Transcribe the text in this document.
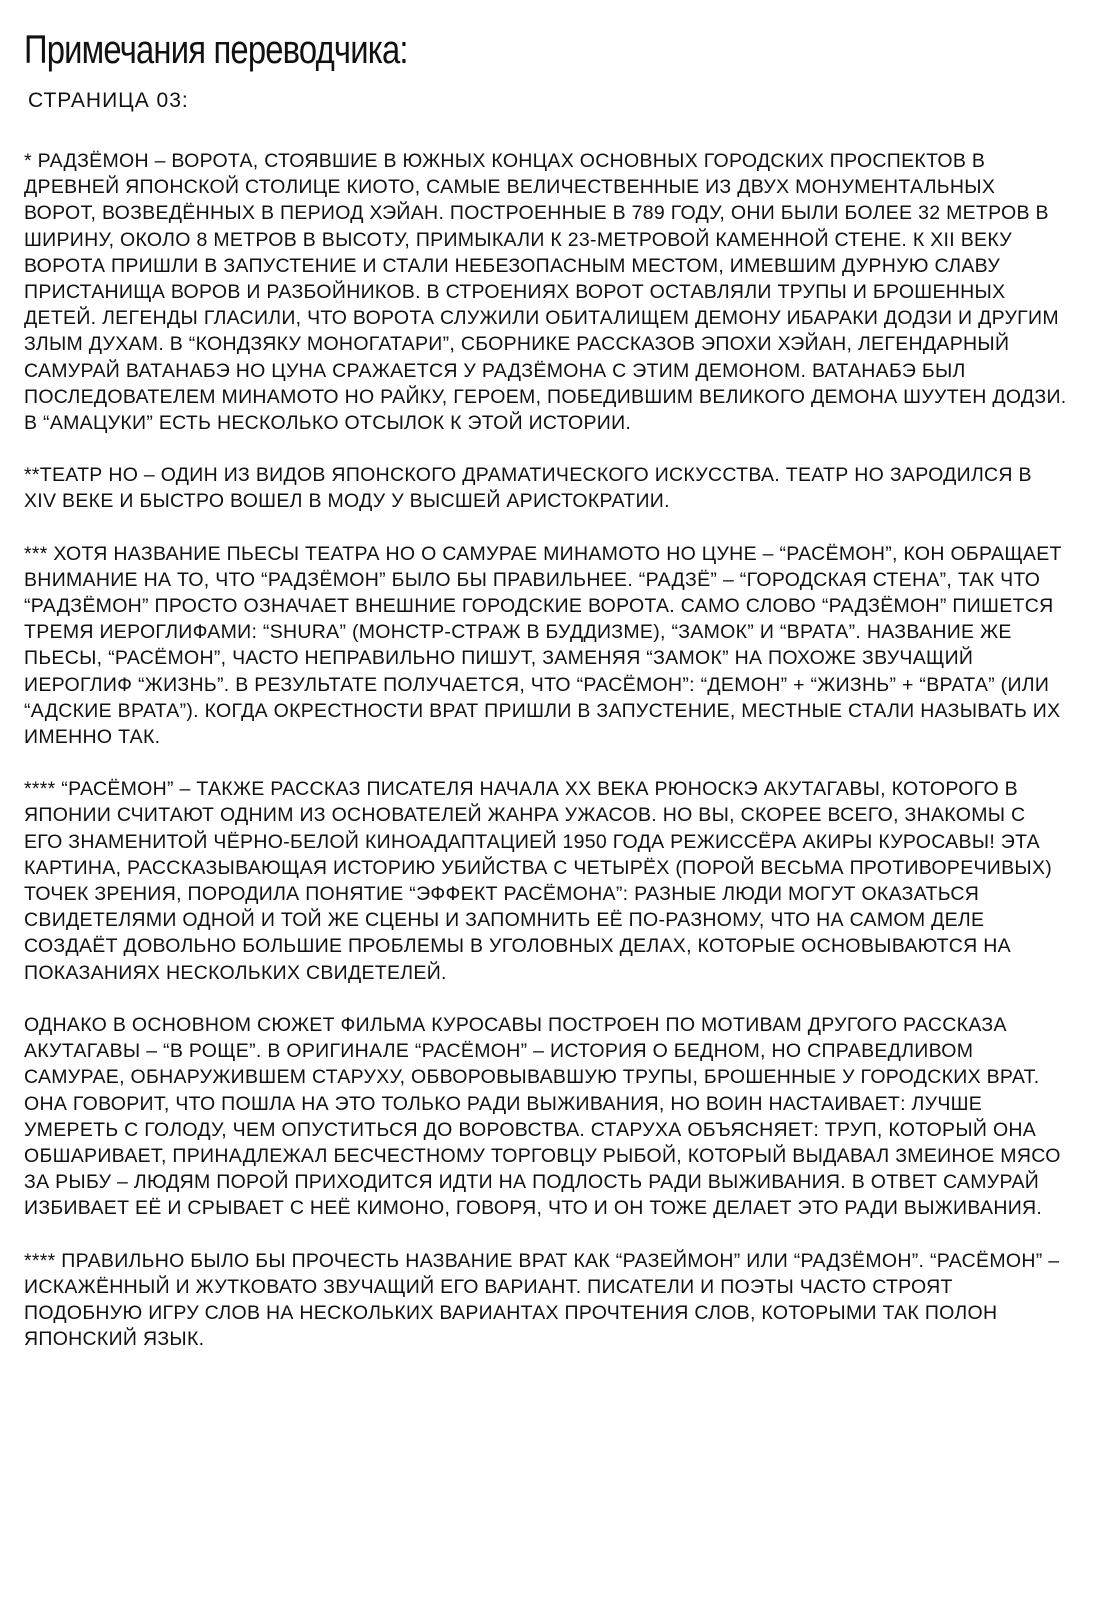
Примечания переводчика:
СТРАНИЦА 03:

* РАДЗЁМОН – ВОРОТА, СТОЯВШИЕ В ЮЖНЫХ КОНЦАХ ОСНОВНЫХ ГОРОДСКИХ ПРОСПЕКТОВ В ДРЕВНЕЙ ЯПОНСКОЙ СТОЛИЦЕ КИОТО, САМЫЕ ВЕЛИЧЕСТВЕННЫЕ ИЗ ДВУХ МОНУМЕНТАЛЬНЫХ ВОРОТ, ВОЗВЕДЁННЫХ В ПЕРИОД ХЭЙАН. ПОСТРОЕННЫЕ В 789 ГОДУ, ОНИ БЫЛИ БОЛЕЕ 32 МЕТРОВ В ШИРИНУ, ОКОЛО 8 МЕТРОВ В ВЫСОТУ, ПРИМЫКАЛИ К 23-МЕТРОВОЙ КАМЕННОЙ СТЕНЕ. К XII ВЕКУ ВОРОТА ПРИШЛИ В ЗАПУСТЕНИЕ И СТАЛИ НЕБЕЗОПАСНЫМ МЕСТОМ, ИМЕВШИМ ДУРНУЮ СЛАВУ ПРИСТАНИЩА ВОРОВ И РАЗБОЙНИКОВ. В СТРОЕНИЯХ ВОРОТ ОСТАВЛЯЛИ ТРУПЫ И БРОШЕННЫХ ДЕТЕЙ. ЛЕГЕНДЫ ГЛАСИЛИ, ЧТО ВОРОТА СЛУЖИЛИ ОБИТАЛИЩЕМ ДЕМОНУ ИБАРАКИ ДОДЗИ И ДРУГИМ ЗЛЫМ ДУХАМ. В “КОНДЗЯКУ МОНОГАТАРИ”, СБОРНИКЕ РАССКАЗОВ ЭПОХИ ХЭЙАН, ЛЕГЕНДАРНЫЙ САМУРАЙ ВАТАНАБЭ НО ЦУНА СРАЖАЕТСЯ У РАДЗЁМОНА С ЭТИМ ДЕМОНОМ. ВАТАНАБЭ БЫЛ ПОСЛЕДОВАТЕЛЕМ МИНАМОТО НО РАЙКУ, ГЕРОЕМ, ПОБЕДИВШИМ ВЕЛИКОГО ДЕМОНА ШУУТЕН ДОДЗИ. В “АМАЦУКИ” ЕСТЬ НЕСКОЛЬКО ОТСЫЛОК К ЭТОЙ ИСТОРИИ.

**ТЕАТР НО – ОДИН ИЗ ВИДОВ ЯПОНСКОГО ДРАМАТИЧЕСКОГО ИСКУССТВА. ТЕАТР НО ЗАРОДИЛСЯ В XIV ВЕКЕ И БЫСТРО ВОШЕЛ В МОДУ У ВЫСШЕЙ АРИСТОКРАТИИ.

*** ХОТЯ НАЗВАНИЕ ПЬЕСЫ ТЕАТРА НО О САМУРАЕ МИНАМОТО НО ЦУНЕ – “РАСЁМОН”, КОН ОБРАЩАЕТ ВНИМАНИЕ НА ТО, ЧТО “РАДЗЁМОН” БЫЛО БЫ ПРАВИЛЬНЕЕ. “РАДЗЁ” – “ГОРОДСКАЯ СТЕНА”, ТАК ЧТО “РАДЗЁМОН” ПРОСТО ОЗНАЧАЕТ ВНЕШНИЕ ГОРОДСКИЕ ВОРОТА. САМО СЛОВО “РАДЗЁМОН” ПИШЕТСЯ ТРЕМЯ ИЕРОГЛИФАМИ: “SHURA” (МОНСТР-СТРАЖ В БУДДИЗМЕ), “ЗАМОК” И “ВРАТА”. НАЗВАНИЕ ЖЕ ПЬЕСЫ, “РАСЁМОН”, ЧАСТО НЕПРАВИЛЬНО ПИШУТ, ЗАМЕНЯЯ “ЗАМОК” НА ПОХОЖЕ ЗВУЧАЩИЙ ИЕРОГЛИФ “ЖИЗНЬ”. В РЕЗУЛЬТАТЕ ПОЛУЧАЕТСЯ, ЧТО “РАСЁМОН”: “ДЕМОН” + “ЖИЗНЬ” + “ВРАТА” (ИЛИ “АДСКИЕ ВРАТА”). КОГДА ОКРЕСТНОСТИ ВРАТ ПРИШЛИ В ЗАПУСТЕНИЕ, МЕСТНЫЕ СТАЛИ НАЗЫВАТЬ ИХ ИМЕННО ТАК.

**** “РАСЁМОН” – ТАКЖЕ РАССКАЗ ПИСАТЕЛЯ НАЧАЛА XX ВЕКА РЮНОСКЭ АКУТАГАВЫ, КОТОРОГО В ЯПОНИИ СЧИТАЮТ ОДНИМ ИЗ ОСНОВАТЕЛЕЙ ЖАНРА УЖАСОВ. НО ВЫ, СКОРЕЕ ВСЕГО, ЗНАКОМЫ С ЕГО ЗНАМЕНИТОЙ ЧЁРНО-БЕЛОЙ КИНОАДАПТАЦИЕЙ 1950 ГОДА РЕЖИССЁРА АКИРЫ КУРОСАВЫ! ЭТА КАРТИНА, РАССКАЗЫВАЮЩАЯ ИСТОРИЮ УБИЙСТВА С ЧЕТЫРЁХ (ПОРОЙ ВЕСЬМА ПРОТИВОРЕЧИВЫХ) ТОЧЕК ЗРЕНИЯ, ПОРОДИЛА ПОНЯТИЕ “ЭФФЕКТ РАСЁМОНА”: РАЗНЫЕ ЛЮДИ МОГУТ ОКАЗАТЬСЯ СВИДЕТЕЛЯМИ ОДНОЙ И ТОЙ ЖЕ СЦЕНЫ И ЗАПОМНИТЬ ЕЁ ПО-РАЗНОМУ, ЧТО НА САМОМ ДЕЛЕ СОЗДАЁТ ДОВОЛЬНО БОЛЬШИЕ ПРОБЛЕМЫ В УГОЛОВНЫХ ДЕЛАХ, КОТОРЫЕ ОСНОВЫВАЮТСЯ НА ПОКАЗАНИЯХ НЕСКОЛЬКИХ СВИДЕТЕЛЕЙ.

ОДНАКО В ОСНОВНОМ СЮЖЕТ ФИЛЬМА КУРОСАВЫ ПОСТРОЕН ПО МОТИВАМ ДРУГОГО РАССКАЗА АКУТАГАВЫ – “В РОЩЕ”. В ОРИГИНАЛЕ “РАСЁМОН” – ИСТОРИЯ О БЕДНОМ, НО СПРАВЕДЛИВОМ САМУРАЕ, ОБНАРУЖИВШЕМ СТАРУХУ, ОБВОРОВЫВАВШУЮ ТРУПЫ, БРОШЕННЫЕ У ГОРОДСКИХ ВРАТ. ОНА ГОВОРИТ, ЧТО ПОШЛА НА ЭТО ТОЛЬКО РАДИ ВЫЖИВАНИЯ, НО ВОИН НАСТАИВАЕТ: ЛУЧШЕ УМЕРЕТЬ С ГОЛОДУ, ЧЕМ ОПУСТИТЬСЯ ДО ВОРОВСТВА. СТАРУХА ОБЪЯСНЯЕТ: ТРУП, КОТОРЫЙ ОНА ОБШАРИВАЕТ, ПРИНАДЛЕЖАЛ БЕСЧЕСТНОМУ ТОРГОВЦУ РЫБОЙ, КОТОРЫЙ ВЫДАВАЛ ЗМЕИНОЕ МЯСО ЗА РЫБУ – ЛЮДЯМ ПОРОЙ ПРИХОДИТСЯ ИДТИ НА ПОДЛОСТЬ РАДИ ВЫЖИВАНИЯ. В ОТВЕТ САМУРАЙ ИЗБИВАЕТ ЕЁ И СРЫВАЕТ С НЕЁ КИМОНО, ГОВОРЯ, ЧТО И ОН ТОЖЕ ДЕЛАЕТ ЭТО РАДИ ВЫЖИВАНИЯ.

**** ПРАВИЛЬНО БЫЛО БЫ ПРОЧЕСТЬ НАЗВАНИЕ ВРАТ КАК “РАЗЕЙМОН” ИЛИ “РАДЗЁМОН”. “РАСЁМОН” – ИСКАЖЁННЫЙ И ЖУТКОВАТО ЗВУЧАЩИЙ ЕГО ВАРИАНТ. ПИСАТЕЛИ И ПОЭТЫ ЧАСТО СТРОЯТ ПОДОБНУЮ ИГРУ СЛОВ НА НЕСКОЛЬКИХ ВАРИАНТАХ ПРОЧТЕНИЯ СЛОВ, КОТОРЫМИ ТАК ПОЛОН ЯПОНСКИЙ ЯЗЫК.
